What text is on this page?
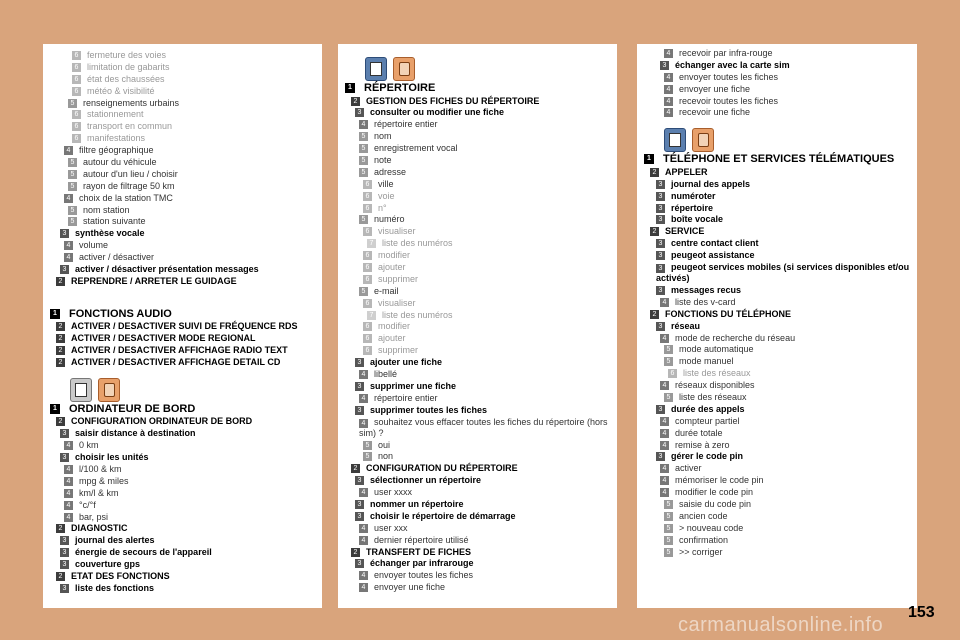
6 fermeture des voies
6 limitation de gabarits
6 état des chaussées
6 météo & visibilité
5 renseignements urbains
6 stationnement
6 transport en commun
6 manifestations
4 filtre géographique
5 autour du véhicule
5 autour d'un lieu / choisir
5 rayon de filtrage 50 km
4 choix de la station TMC
5 nom station
5 station suivante
3 synthèse vocale
4 volume
4 activer / désactiver
3 activer / désactiver présentation messages
2 REPRENDRE / ARRETER LE GUIDAGE
1 FONCTIONS AUDIO
2 ACTIVER / DESACTIVER SUIVI DE FRÉQUENCE RDS
2 ACTIVER / DESACTIVER MODE REGIONAL
2 ACTIVER / DESACTIVER AFFICHAGE RADIO TEXT
2 ACTIVER / DESACTIVER AFFICHAGE DETAIL CD
1 ORDINATEUR DE BORD
2 CONFIGURATION ORDINATEUR DE BORD
3 saisir distance à destination
4 0 km
3 choisir les unités
4 l/100 & km
4 mpg & miles
4 km/l & km
4 °c/°f
4 bar, psi
2 DIAGNOSTIC
3 journal des alertes
3 énergie de secours de l'appareil
3 couverture gps
2 ETAT DES FONCTIONS
3 liste des fonctions
1 RÉPERTOIRE
2 GESTION DES FICHES DU RÉPERTOIRE
3 consulter ou modifier une fiche
4 répertoire entier
5 nom
5 enregistrement vocal
5 note
5 adresse
6 ville
6 voie
6 n°
5 numéro
6 visualiser
7 liste des numéros
6 modifier
6 ajouter
6 supprimer
5 e-mail
6 visualiser
7 liste des numéros
6 modifier
6 ajouter
6 supprimer
3 ajouter une fiche
4 libellé
3 supprimer une fiche
4 répertoire entier
3 supprimer toutes les fiches
4 souhaitez vous effacer toutes les fiches du répertoire (hors sim) ?
5 oui
5 non
2 CONFIGURATION DU RÉPERTOIRE
3 sélectionner un répertoire
4 user xxxx
3 nommer un répertoire
3 choisir le répertoire de démarrage
4 user xxx
4 dernier répertoire utilisé
2 TRANSFERT DE FICHES
3 échanger par infrarouge
4 envoyer toutes les fiches
4 envoyer une fiche
4 recevoir par infra-rouge
3 échanger avec la carte sim
4 envoyer toutes les fiches
4 envoyer une fiche
4 recevoir toutes les fiches
4 recevoir une fiche
1 TÉLÉPHONE ET SERVICES TÉLÉMATIQUES
2 APPELER
3 journal des appels
3 numéroter
3 répertoire
3 boîte vocale
2 SERVICE
3 centre contact client
3 peugeot assistance
3 peugeot services mobiles (si services disponibles et/ou activés)
3 messages recus
4 liste des v-card
2 FONCTIONS DU TÉLÉPHONE
3 réseau
4 mode de recherche du réseau
5 mode automatique
5 mode manuel
6 liste des réseaux
4 réseaux disponibles
5 liste des réseaux
3 durée des appels
4 compteur partiel
4 durée totale
4 remise à zero
3 gérer le code pin
4 activer
4 mémoriser le code pin
4 modifier le code pin
5 saisie du code pin
5 ancien code
5 > nouveau code
5 confirmation
5 >> corriger
153
carmanualsonline.info
